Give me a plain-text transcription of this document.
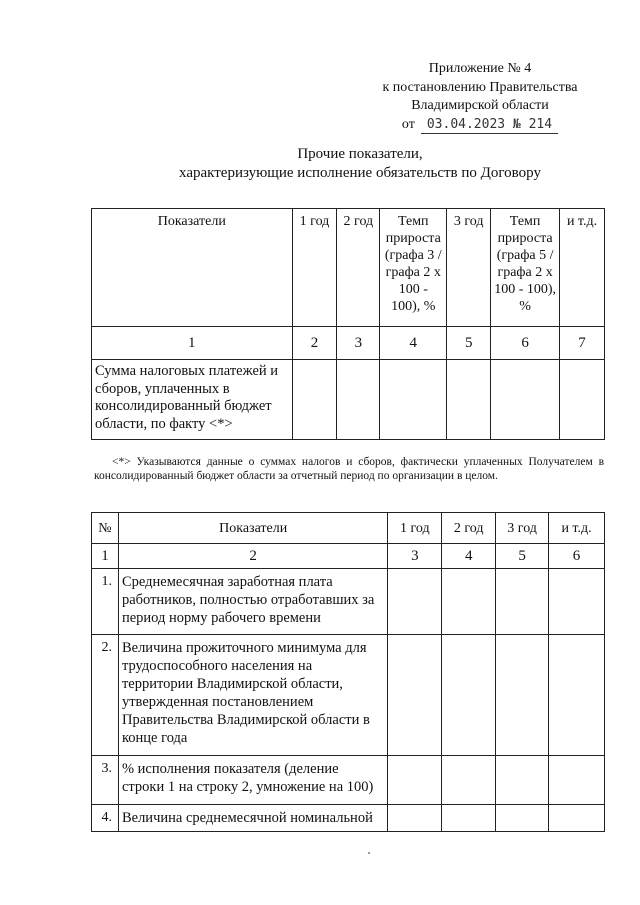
Приложение № 4
к постановлению Правительства
Владимирской области
от 03.04.2023 № 214
Прочие показатели,
характеризующие исполнение обязательств по Договору
Показатели	1 год	2 год	Темп прироста (графа 3 / графа 2 х 100 - 100), %	3 год	Темп прироста (графа 5 / графа 2 х 100 - 100), %	и т.д.
1	2	3	4	5	6	7
Сумма налоговых платежей и сборов, уплаченных в консолидированный бюджет области, по факту <*>						
<*> Указываются данные о суммах налогов и сборов, фактически уплаченных Получателем в консолидированный бюджет области за отчетный период по организации в целом.
№	Показатели	1 год	2 год	3 год	и т.д.
1	2	3	4	5	6
1.	Среднемесячная заработная плата работников, полностью отработавших за период норму рабочего времени				
2.	Величина прожиточного минимума для трудоспособного населения на территории Владимирской области, утвержденная постановлением Правительства Владимирской области в конце года				
3.	% исполнения показателя (деление строки 1 на строку 2, умножение на 100)				
4.	Величина среднемесячной номинальной				
